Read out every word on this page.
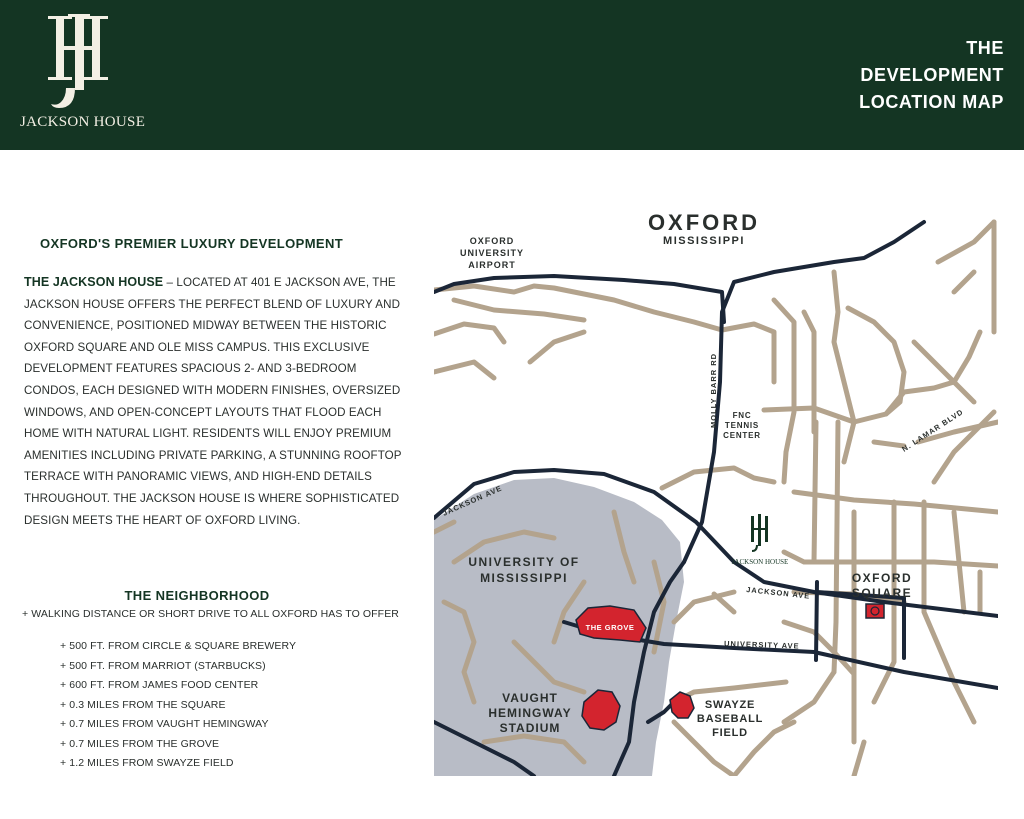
JACKSON HOUSE
THE
DEVELOPMENT
LOCATION MAP
OXFORD'S PREMIER LUXURY DEVELOPMENT
THE JACKSON HOUSE – LOCATED AT 401 E JACKSON AVE, THE JACKSON HOUSE OFFERS THE PERFECT BLEND OF LUXURY AND CONVENIENCE, POSITIONED MIDWAY BETWEEN THE HISTORIC OXFORD SQUARE AND OLE MISS CAMPUS. THIS EXCLUSIVE DEVELOPMENT FEATURES SPACIOUS 2- AND 3-BEDROOM CONDOS, EACH DESIGNED WITH MODERN FINISHES, OVERSIZED WINDOWS, AND OPEN-CONCEPT LAYOUTS THAT FLOOD EACH HOME WITH NATURAL LIGHT. RESIDENTS WILL ENJOY PREMIUM AMENITIES INCLUDING PRIVATE PARKING, A STUNNING ROOFTOP TERRACE WITH PANORAMIC VIEWS, AND HIGH-END DETAILS THROUGHOUT. THE JACKSON HOUSE IS WHERE SOPHISTICATED DESIGN MEETS THE HEART OF OXFORD LIVING.
THE NEIGHBORHOOD
+ WALKING DISTANCE OR SHORT DRIVE TO ALL OXFORD HAS TO OFFER
+ 500 FT. FROM CIRCLE & SQUARE BREWERY
+ 500 FT. FROM MARRIOT (STARBUCKS)
+ 600 FT. FROM JAMES FOOD CENTER
+ 0.3 MILES FROM THE SQUARE
+ 0.7 MILES FROM VAUGHT HEMINGWAY
+ 0.7 MILES FROM THE GROVE
+ 1.2 MILES FROM SWAYZE FIELD
OXFORD
MISSISSIPPI
OXFORD
UNIVERSITY
AIRPORT
MOLLY BARR RD
N. LAMAR BLVD
JACKSON AVE
JACKSON AVE
UNIVERSITY AVE
FNC
TENNIS
CENTER
UNIVERSITY OF
MISSISSIPPI
THE GROVE
VAUGHT
HEMINGWAY
STADIUM
SWAYZE
BASEBALL
FIELD
OXFORD
SQUARE
JACKSON HOUSE
